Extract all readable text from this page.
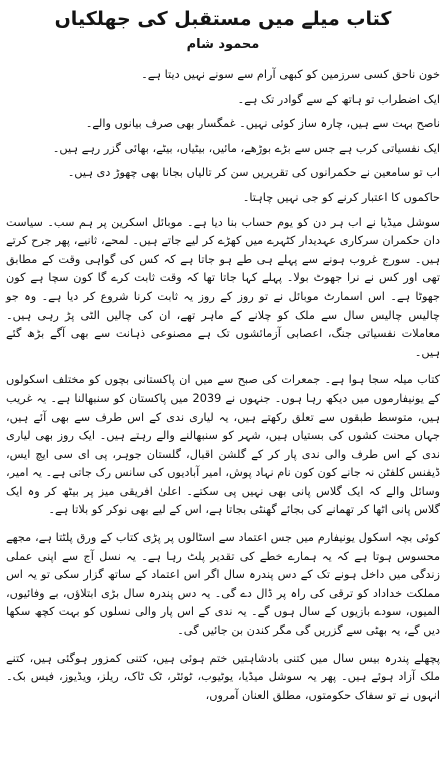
کتاب میلے میں مستقبل کی جھلکیاں
محمود شام

خون ناحق کسی سرزمین کو کبھی آرام سے سونے نہیں دیتا ہے۔

ایک اضطراب تو ہاتھ کے سے گوادر تک ہے۔

ناصح بہت سے ہیں، چارہ ساز کوئی نہیں۔ غمگسار بھی صرف بیانوں والے۔

ایک نفسیاتی کرب ہے جس سے بڑے بوڑھے، مائیں، بیٹیاں، بیٹے، بھائی گزر رہے ہیں۔

اب تو سامعین نے حکمرانوں کی تقریریں سن کر تالیاں بجانا بھی چھوڑ دی ہیں۔

حاکموں کا اعتبار کرنے کو جی نہیں چاہتا۔

سوشل میڈیا نے اب ہر دن کو یوم حساب بنا دیا ہے۔ موبائل اسکرین پر ہم سب۔ سیاست دان حکمران سرکاری عہدیدار کٹہرے میں کھڑے کر لیے جاتے ہیں۔ لمحے، ثانیے، پھر جرح کرتے ہیں۔ سورج غروب ہونے سے پہلے ہی طے ہو جاتا ہے کہ کس کی گواہی وقت کے مطابق تھی اور کس نے نرا جھوٹ بولا۔ پہلے کہا جاتا تھا کہ وقت ثابت کرے گا کون سچا ہے کون جھوٹا ہے۔ اس اسمارٹ موبائل نے تو روز کے روز یہ ثابت کرنا شروع کر دیا ہے۔ وہ جو چالیس چالیس سال سے ملک کو چلانے کے ماہر تھے، ان کی چالیں الٹی پڑ رہی ہیں۔ معاملات نفسیاتی جنگ، اعصابی آزمائشوں تک ہے مصنوعی ذہانت سے بھی آگے بڑھ گئے ہیں۔

کتاب میلہ سجا ہوا ہے۔ جمعرات کی صبح سے میں ان پاکستانی بچوں کو مختلف اسکولوں کے یونیفارموں میں دیکھ رہا ہوں۔ جنہوں نے 2039 میں پاکستان کو سنبھالنا ہے۔ یہ غریب ہیں، متوسط طبقوں سے تعلق رکھتے ہیں، یہ لیاری ندی کے اس طرف سے بھی آئے ہیں، جہاں محنت کشوں کی بستیاں ہیں، شہر کو سنبھالنے والے رہتے ہیں۔ ایک روز بھی لیاری ندی کے اس طرف والی ندی پار کر کے گلشن اقبال، گلستان جوہر، پی ای سی ایچ ایس، ڈیفنس کلفٹن نہ جانے کون کون نام نہاد پوش، امیر آبادیوں کی سانس رک جاتی ہے۔ یہ امیر، وسائل والے کہ ایک گلاس پانی بھی نہیں پی سکتے۔ اعلیٰ افریقی میز پر بیٹھ کر وہ ایک گلاس پانی اٹھا کر تھمانے کی بجائے گھنٹی بجاتا ہے، اس کے لیے بھی نوکر کو بلاتا ہے۔

کوئی بچہ اسکول یونیفارم میں جس اعتماد سے اسٹالوں پر پڑی کتاب کے ورق پلٹتا ہے، مجھے محسوس ہوتا ہے کہ یہ ہمارے خطے کی تقدیر پلٹ رہا ہے۔ یہ نسل آج سے اپنی عملی زندگی میں داخل ہونے تک کے دس پندرہ سال اگر اس اعتماد کے ساتھ گزار سکی تو یہ اس مملکت خداداد کو ترقی کی راہ پر ڈال دے گی۔ یہ دس پندرہ سال بڑی ابتلاؤں، بے وفائیوں، المیوں، سودے بازیوں کے سال ہوں گے۔ یہ ندی کے اس پار والی نسلوں کو بہت کچھ سکھا دیں گے، یہ بھٹی سے گزریں گی مگر کندن بن جائیں گی۔

پچھلے پندرہ بیس سال میں کتنی بادشاہتیں ختم ہوئی ہیں، کتنی کمزور ہوگئی ہیں، کتنے ملک آزاد ہوئے ہیں۔ پھر یہ سوشل میڈیا، یوٹیوب، ٹوئٹر، ٹک ٹاک، ریلز، ویڈیوز، فیس بک۔ انہوں نے تو سفاک حکومتوں، مطلق العنان آمروں،
